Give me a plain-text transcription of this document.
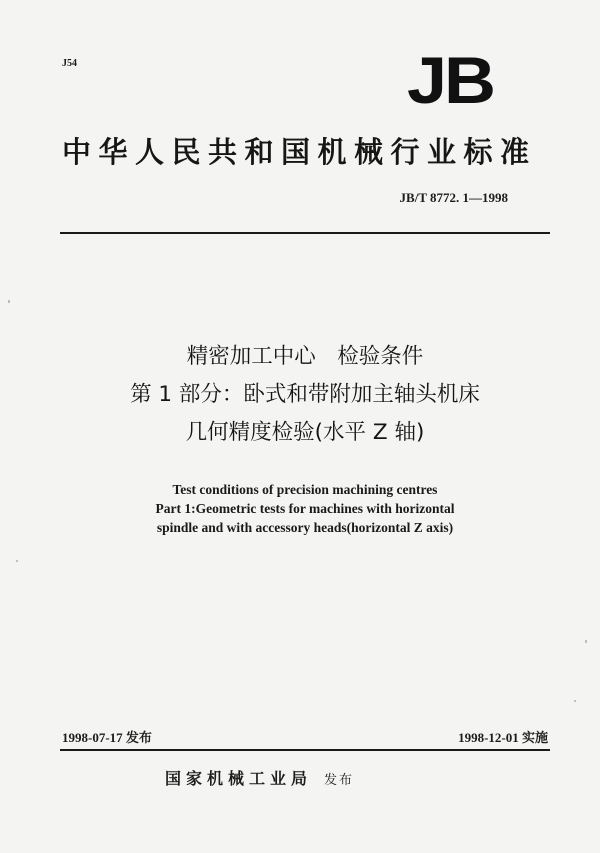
J54	JB
中华人民共和国机械行业标准
JB/T 8772. 1—1998
精密加工中心　检验条件
第 1 部分：卧式和带附加主轴头机床
几何精度检验(水平 Z 轴)
Test conditions of precision machining centres
Part 1:Geometric tests for machines with horizontal
spindle and with accessory heads(horizontal Z axis)
1998-07-17 发布	1998-12-01 实施
国家机械工业局 发布
